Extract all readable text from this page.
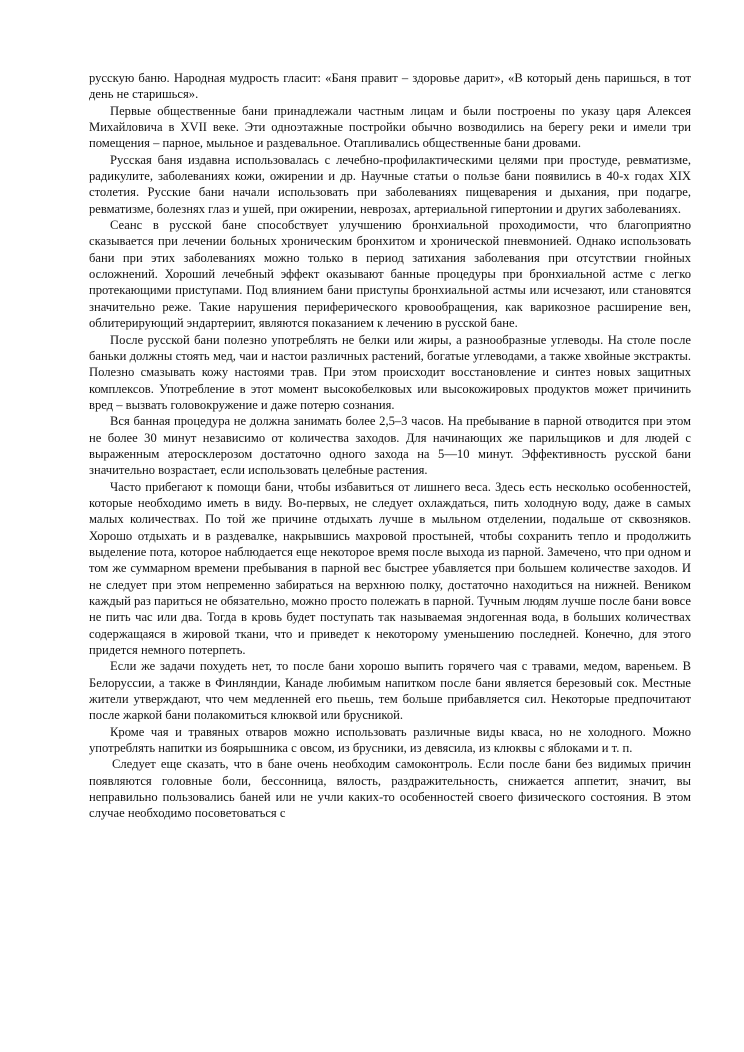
русскую баню. Народная мудрость гласит: «Баня правит – здоровье дарит», «В который день паришься, в тот день не старишься».

Первые общественные бани принадлежали частным лицам и были построены по указу царя Алексея Михайловича в XVII веке. Эти одноэтажные постройки обычно возводились на берегу реки и имели три помещения – парное, мыльное и раздевальное. Отапливались общественные бани дровами.

Русская баня издавна использовалась с лечебно-профилактическими целями при простуде, ревматизме, радикулите, заболеваниях кожи, ожирении и др. Научные статьи о пользе бани появились в 40-х годах XIX столетия. Русские бани начали использовать при заболеваниях пищеварения и дыхания, при подагре, ревматизме, болезнях глаз и ушей, при ожирении, неврозах, артериальной гипертонии и других заболеваниях.

Сеанс в русской бане способствует улучшению бронхиальной проходимости, что благоприятно сказывается при лечении больных хроническим бронхитом и хронической пневмонией. Однако использовать бани при этих заболеваниях можно только в период затихания заболевания при отсутствии гнойных осложнений. Хороший лечебный эффект оказывают банные процедуры при бронхиальной астме с легко протекающими приступами. Под влиянием бани приступы бронхиальной астмы или исчезают, или становятся значительно реже. Такие нарушения периферического кровообращения, как варикозное расширение вен, облитерирующий эндартериит, являются показанием к лечению в русской бане.

После русской бани полезно употреблять не белки или жиры, а разнообразные углеводы. На столе после баньки должны стоять мед, чаи и настои различных растений, богатые углеводами, а также хвойные экстракты. Полезно смазывать кожу настоями трав. При этом происходит восстановление и синтез новых защитных комплексов. Употребление в этот момент высокобелковых или высокожировых продуктов может причинить вред – вызвать головокружение и даже потерю сознания.

Вся банная процедура не должна занимать более 2,5–3 часов. На пребывание в парной отводится при этом не более 30 минут независимо от количества заходов. Для начинающих же парильщиков и для людей с выраженным атеросклерозом достаточно одного захода на 5—10 минут. Эффективность русской бани значительно возрастает, если использовать целебные растения.

Часто прибегают к помощи бани, чтобы избавиться от лишнего веса. Здесь есть несколько особенностей, которые необходимо иметь в виду. Во-первых, не следует охлаждаться, пить холодную воду, даже в самых малых количествах. По той же причине отдыхать лучше в мыльном отделении, подальше от сквозняков. Хорошо отдыхать и в раздевалке, накрывшись махровой простыней, чтобы сохранить тепло и продолжить выделение пота, которое наблюдается еще некоторое время после выхода из парной. Замечено, что при одном и том же суммарном времени пребывания в парной вес быстрее убавляется при большем количестве заходов. И не следует при этом непременно забираться на верхнюю полку, достаточно находиться на нижней. Веником каждый раз париться не обязательно, можно просто полежать в парной. Тучным людям лучше после бани вовсе не пить час или два. Тогда в кровь будет поступать так называемая эндогенная вода, в больших количествах содержащаяся в жировой ткани, что и приведет к некоторому уменьшению последней. Конечно, для этого придется немного потерпеть.

Если же задачи похудеть нет, то после бани хорошо выпить горячего чая с травами, медом, вареньем. В Белоруссии, а также в Финляндии, Канаде любимым напитком после бани является березовый сок. Местные жители утверждают, что чем медленней его пьешь, тем больше прибавляется сил. Некоторые предпочитают после жаркой бани полакомиться клюквой или брусникой.

Кроме чая и травяных отваров можно использовать различные виды кваса, но не холодного. Можно употреблять напитки из боярышника с овсом, из брусники, из девясила, из клюквы с яблоками и т. п.

Следует еще сказать, что в бане очень необходим самоконтроль. Если после бани без видимых причин появляются головные боли, бессонница, вялость, раздражительность, снижается аппетит, значит, вы неправильно пользовались баней или не учли каких-то особенностей своего физического состояния. В этом случае необходимо посоветоваться с
